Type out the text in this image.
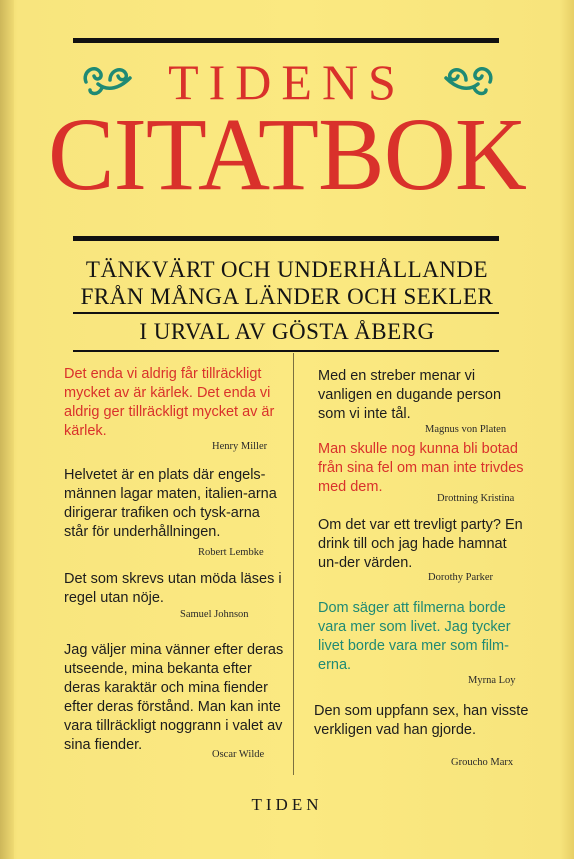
TIDENS
CITATBOK
TÄNKVÄRT OCH UNDERHÅLLANDE
FRÅN MÅNGA LÄNDER OCH SEKLER
I URVAL AV GÖSTA ÅBERG
Det enda vi aldrig får tillräckligt mycket av är kärlek. Det enda vi aldrig ger tillräckligt mycket av är kärlek.
Henry Miller
Helvetet är en plats där engels-männen lagar maten, italien-arna dirigerar trafiken och tysk-arna står för underhållningen.
Robert Lembke
Det som skrevs utan möda läses i regel utan nöje.
Samuel Johnson
Jag väljer mina vänner efter deras utseende, mina bekanta efter deras karaktär och mina fiender efter deras förstånd. Man kan inte vara tillräckligt noggrann i valet av sina fiender.
Oscar Wilde
Med en streber menar vi vanligen en dugande person som vi inte tål.
Magnus von Platen
Man skulle nog kunna bli botad från sina fel om man inte trivdes med dem.
Drottning Kristina
Om det var ett trevligt party? En drink till och jag hade hamnat un-der värden.
Dorothy Parker
Dom säger att filmerna borde vara mer som livet. Jag tycker livet borde vara mer som film-erna.
Myrna Loy
Den som uppfann sex, han visste verkligen vad han gjorde.
Groucho Marx
TIDEN
